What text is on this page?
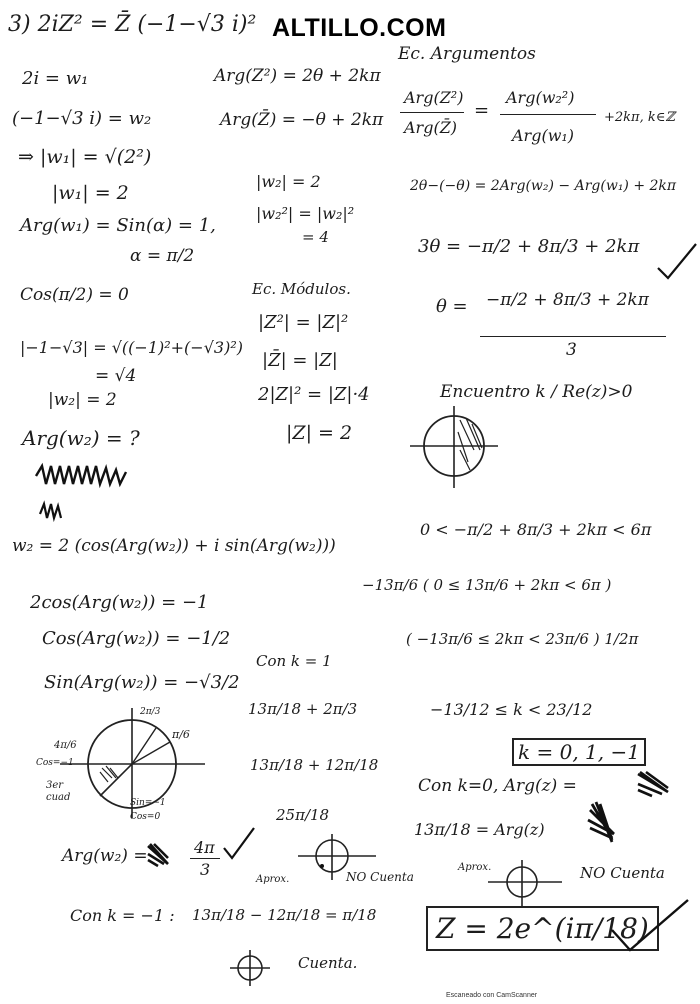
ALTILLO.COM
3) 2iZ² = Z̄ (−1−√3 i)²
2i = w₁
(−1−√3 i) = w₂
⇒ |w₁| = √(2²)
|w₁| = 2
Arg(w₁) = Sin(α) = 1,
α = π/2
Cos(π/2) = 0
|−1−√3| = √((−1)²+(−√3)²)
= √4
|w₂| = 2
Arg(w₂) = ?
w₂ = 2 (cos(Arg(w₂)) + i sin(Arg(w₂)))
2cos(Arg(w₂)) = −1
Cos(Arg(w₂)) = −1/2
Sin(Arg(w₂)) = −√3/2
2π/3
π/6
4π/6
Cos=−1
3er
cuad	Sin=−1
Cos=0
Arg(w₂) =	4π
3
Con k = −1 : 13π/18 − 12π/18 = π/18
Cuenta.
Arg(Z²) = 2θ + 2kπ
Arg(Z̄) = −θ + 2kπ
|w₂| = 2
|w₂²| = |w₂|²
= 4
Ec. Módulos.
|Z²| = |Z|²
|Z̄| = |Z|
2|Z|² = |Z|·4
|Z| = 2
Con k = 1
13π/18 + 2π/3
13π/18 + 12π/18
25π/18
Aprox.	NO Cuenta
Ec. Argumentos
Arg(Z²)
Arg(Z̄)
=
Arg(w₂²)
Arg(w₁)
+2kπ, k∈ℤ
2θ−(−θ) = 2Arg(w₂) − Arg(w₁) + 2kπ
3θ = −π/2 + 8π/3 + 2kπ
θ = −π/2 + 8π/3 + 2kπ
3
Encuentro k / Re(z)>0
0 < −π/2 + 8π/3 + 2kπ < 6π
−13π/6 ( 0 ≤ 13π/6 + 2kπ < 6π )
( −13π/6 ≤ 2kπ < 23π/6 ) 1/2π
−13/12 ≤ k < 23/12
k = 0, 1, −1
Con k=0, Arg(z) =
13π/18 = Arg(z)
Aprox.	NO Cuenta
Z = 2e^(iπ/18)
Escaneado con CamScanner
